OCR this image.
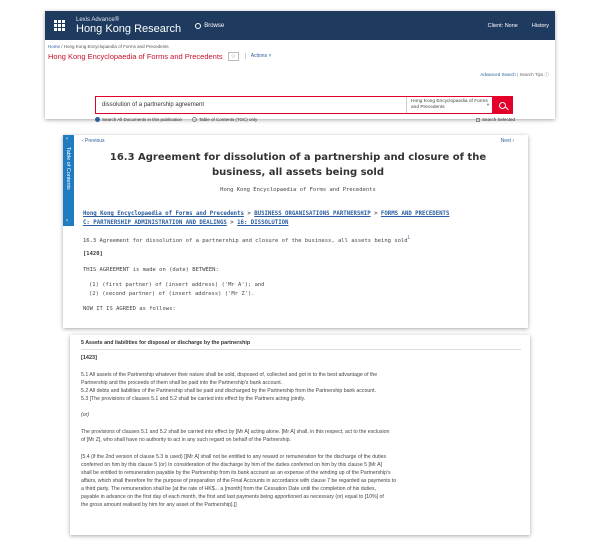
Lexis Advance®
Hong Kong Research	Browse	Client: None	History
Home / Hong Kong Encyclopaedia of Forms and Precedents
Hong Kong Encyclopaedia of Forms and Precedents ☆	Actions ˅
Advanced Search | Search Tips ⓘ
dissolution of a partnership agreement
Hong Kong Encyclopaedia of Forms and Precedents
▼
Search All Documents in this publication	Table of Contents (TOC) only	Search Selected
‹
Table of Contents
‹
‹ Previous	Next ›
16.3 Agreement for dissolution of a partnership and closure of the business, all assets being sold
Hong Kong Encyclopaedia of Forms and Precedents
Hong Kong Encyclopaedia of Forms and Precedents > BUSINESS ORGANISATIONS PARTNERSHIP > FORMS AND PRECEDENTS
C: PARTNERSHIP ADMINISTRATION AND DEALINGS > 16: DISSOLUTION
16.3 Agreement for dissolution of a partnership and closure of the business, all assets being sold$^1$
[1420]
THIS AGREEMENT is made on (date) BETWEEN:
(1) (first partner) of (insert address) ('Mr A'); and
(2) (second partner) of (insert address) ('Mr Z').
NOW IT IS AGREED as follows:
5 Assets and liabilities for disposal or discharge by the partnership
[1423]
5.1 All assets of the Partnership whatever their nature shall be sold, disposed of, collected and got in to the best advantage of the
Partnership and the proceeds of them shall be paid into the Partnership's bank account.
5.2 All debts and liabilities of the Partnership shall be paid and discharged by the Partnership from the Partnership bank account.
5.3 [The provisions of clauses 5.1 and 5.2 shall be carried into effect by the Partners acting jointly.
(or)
The provisions of clauses 5.1 and 5.2 shall be carried into effect by [Mr A] acting alone. [Mr A] shall, in this respect, act to the exclusion
of [Mr Z], who shall have no authority to act in any such regard on behalf of the Partnership.
[5.4 (if the 2nd version of clause 5.3 is used) [[Mr A] shall not be entitled to any reward or remuneration for the discharge of the duties
conferred on him by this clause 5 (or) In consideration of the discharge by him of the duties conferred on him by this clause 5 [Mr A]
shall be entitled to remuneration payable by the Partnership from its bank account as an expense of the winding up of the Partnership's
affairs, which shall therefore for the purpose of preparation of the Final Accounts in accordance with clause 7 be regarded as payments to
a third party. The remuneration shall be [at the rate of HK$... a [month] from the Cessation Date until the completion of his duties,
payable in advance on the first day of each month, the first and last payments being apportioned as necessary (or) equal to [10%] of
the gross amount realised by him for any asset of the Partnership].]]
